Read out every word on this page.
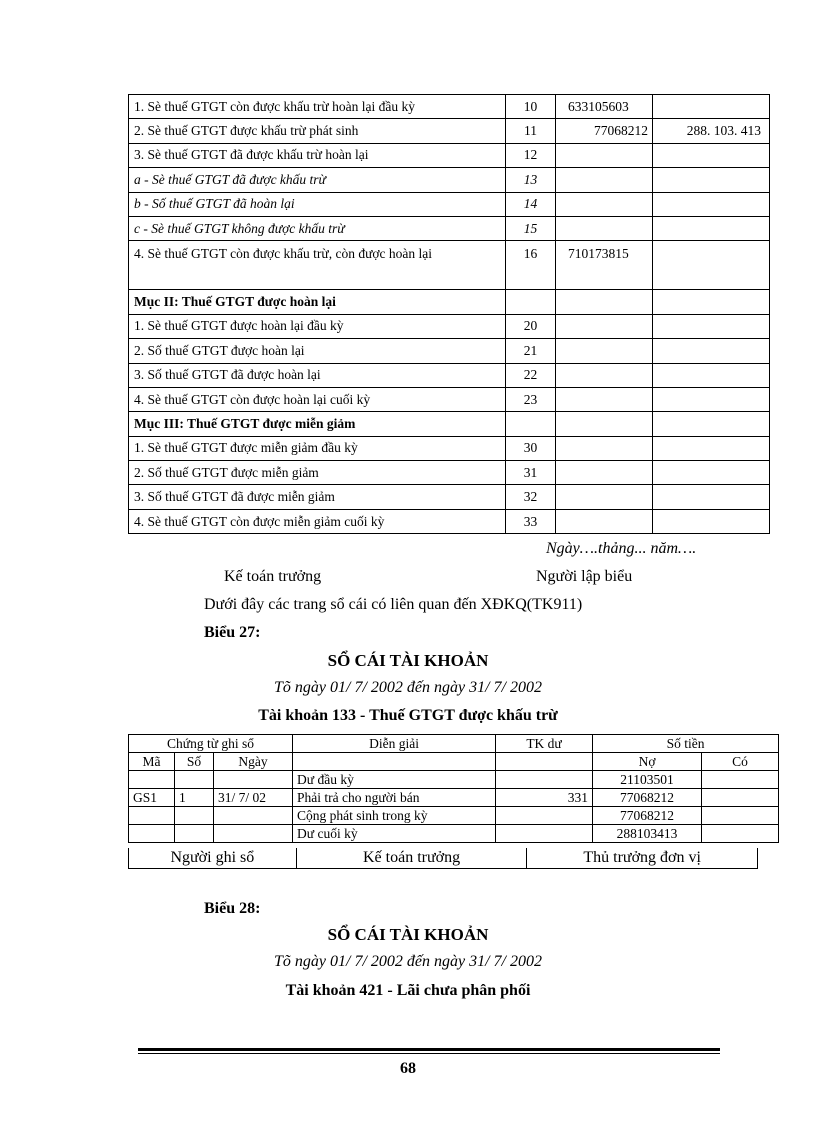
1. Sè thuế GTGT còn được khấu trừ hoàn lại đầu kỳ	10	633105603	
2. Sè thuế GTGT được khấu trừ phát sinh	11	77068212	288. 103. 413
3. Sè thuế GTGT đã được khấu trừ hoàn lại	12		
a - Sè thuế GTGT đã được khấu trừ	13		
b - Số thuế GTGT đã hoàn lại	14		
c - Sè thuế GTGT không được khấu trừ	15		
4. Sè thuế GTGT còn được khấu trừ, còn được hoàn lại	16	710173815	
Mục II: Thuế GTGT được hoàn lại			
1. Sè thuế GTGT được hoàn lại đầu kỳ	20		
2. Số thuế GTGT được hoàn lại	21		
3. Số thuế GTGT đã được hoàn lại	22		
4. Sè thuế GTGT còn được hoàn lại cuối kỳ	23		
Mục III: Thuế GTGT được miễn giảm			
1. Sè thuế GTGT được miễn giảm đầu kỳ	30		
2. Số thuế GTGT được miễn giảm	31		
3. Số thuế GTGT đã được miễn giảm	32		
4. Sè thuế GTGT còn được miễn giảm cuối kỳ	33		
Ngày….thảng... năm….
Kế toán trưởng	Người lập biểu
Dưới đây các trang sổ cái có liên quan đến XĐKQ(TK911)
Biểu 27:
SỔ CÁI TÀI KHOẢN
Tõ ngày 01/ 7/ 2002 đến ngày 31/ 7/ 2002
Tài khoản 133 - Thuế GTGT được khấu trừ
Chứng từ ghi sổ			Diễn giải	TK dư	Số tiền	
Mã	Số	Ngày			Nợ	Có
			Dư đầu kỳ		21103501	
GS1	1	31/ 7/ 02	Phải trả cho người bán	331	77068212	
			Cộng phát sinh trong kỳ		77068212	
			Dư cuối kỳ		288103413	
Người ghi sổ	Kế toán trưởng	Thủ trưởng đơn vị
Biểu 28:
SỔ CÁI TÀI KHOẢN
Tõ ngày 01/ 7/ 2002 đến ngày 31/ 7/ 2002
Tài khoản 421 - Lãi chưa phân phối
68
